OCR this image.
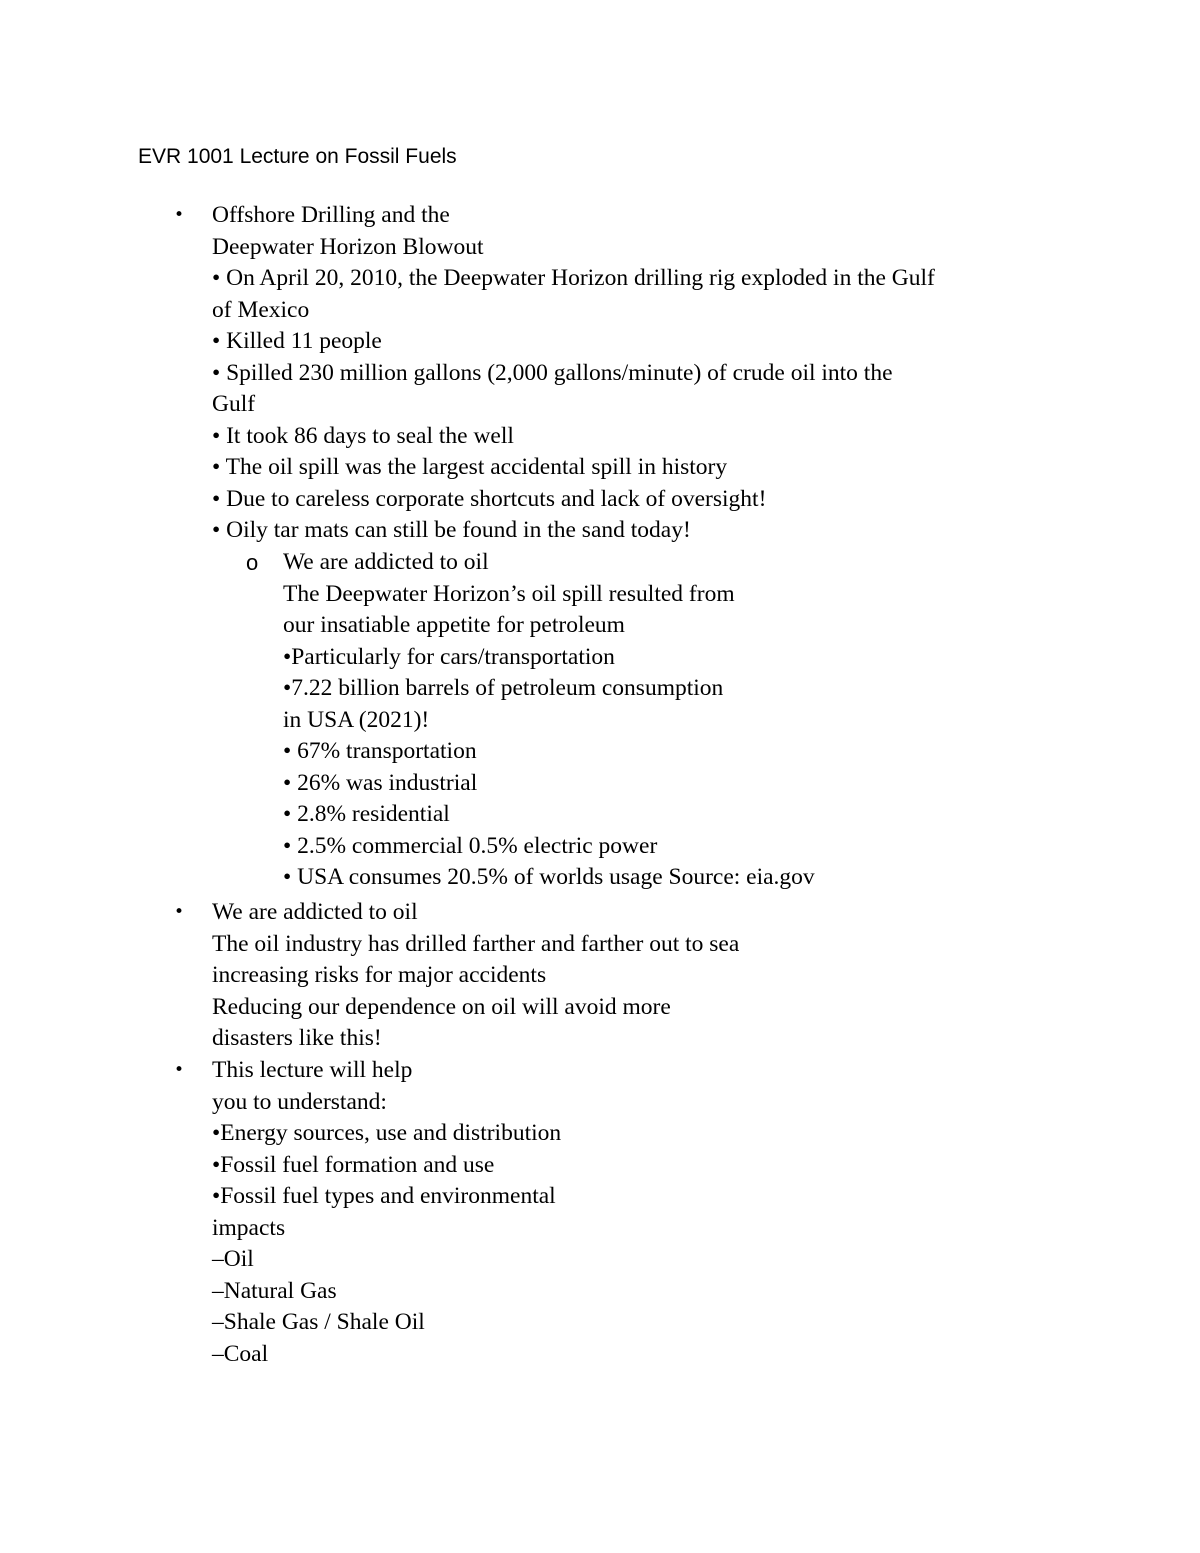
EVR 1001 Lecture on Fossil Fuels
• Offshore Drilling and the
Deepwater Horizon Blowout
• On April 20, 2010, the Deepwater Horizon drilling rig exploded in the Gulf
of Mexico
• Killed 11 people
• Spilled 230 million gallons (2,000 gallons/minute) of crude oil into the
Gulf
• It took 86 days to seal the well
• The oil spill was the largest accidental spill in history
• Due to careless corporate shortcuts and lack of oversight!
• Oily tar mats can still be found in the sand today!
o We are addicted to oil
The Deepwater Horizon’s oil spill resulted from
our insatiable appetite for petroleum
•Particularly for cars/transportation
•7.22 billion barrels of petroleum consumption
in USA (2021)!
• 67% transportation
• 26% was industrial
• 2.8% residential
• 2.5% commercial 0.5% electric power
• USA consumes 20.5% of worlds usage Source: eia.gov
• We are addicted to oil
The oil industry has drilled farther and farther out to sea
increasing risks for major accidents
Reducing our dependence on oil will avoid more
disasters like this!
• This lecture will help
you to understand:
•Energy sources, use and distribution
•Fossil fuel formation and use
•Fossil fuel types and environmental
impacts
–Oil
–Natural Gas
–Shale Gas / Shale Oil
–Coal
